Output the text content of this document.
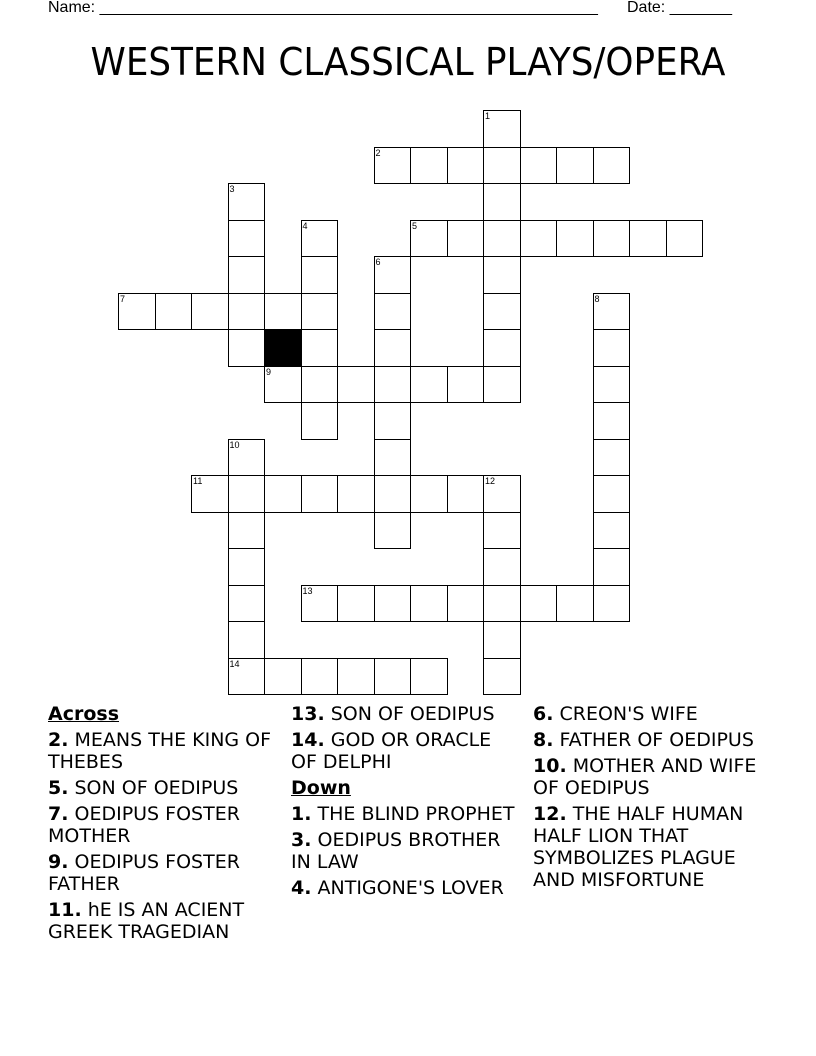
Name: ________________________________________________________ Date: _______
WESTERN CLASSICAL PLAYS/OPERA
1
2
3
4	5
6
7	8
9
10
14
11	12
13
Across
2. MEANS THE KING OF THEBES
5. SON OF OEDIPUS
7. OEDIPUS FOSTER MOTHER
9. OEDIPUS FOSTER FATHER
11. hE IS AN ACIENT GREEK TRAGEDIAN
13. SON OF OEDIPUS
14. GOD OR ORACLE OF DELPHI
Down
1. THE BLIND PROPHET
3. OEDIPUS BROTHER IN LAW
4. ANTIGONE'S LOVER
6. CREON'S WIFE
8. FATHER OF OEDIPUS
10. MOTHER AND WIFE OF OEDIPUS
12. THE HALF HUMAN HALF LION THAT SYMBOLIZES PLAGUE AND MISFORTUNE
